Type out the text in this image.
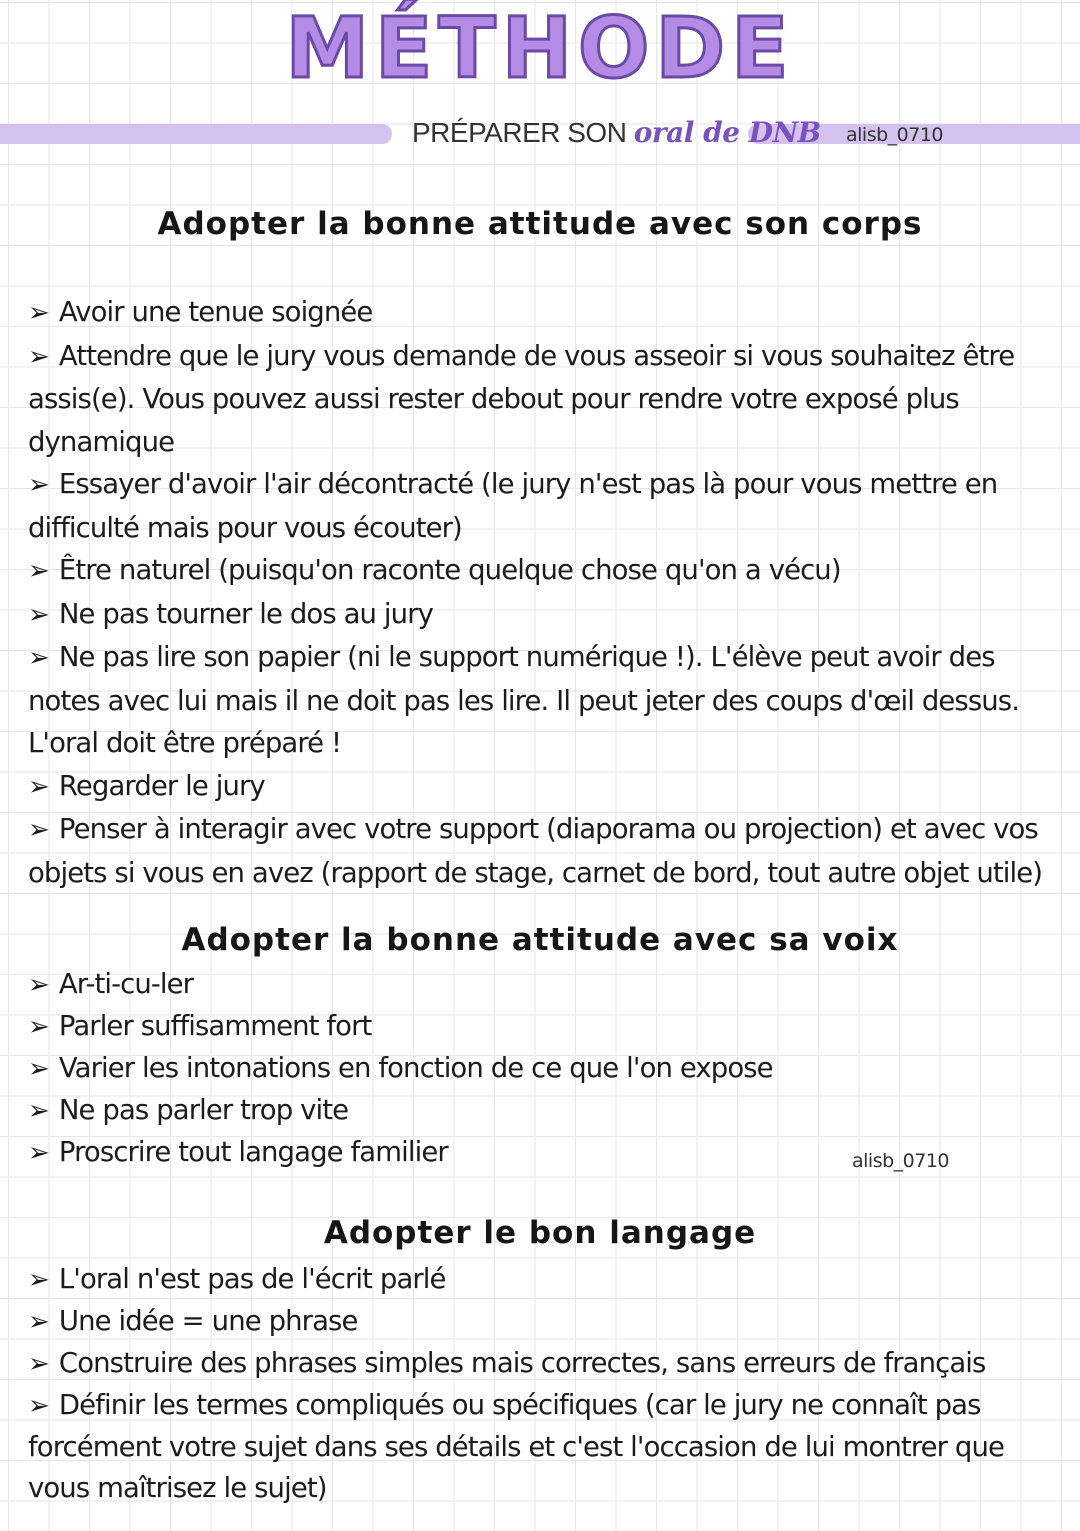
MÉTHODE
PRÉPARER SON oral de DNB alisb_0710
Adopter la bonne attitude avec son corps
➢ Avoir une tenue soignée
➢ Attendre que le jury vous demande de vous asseoir si vous souhaitez être assis(e). Vous pouvez aussi rester debout pour rendre votre exposé plus dynamique
➢ Essayer d'avoir l'air décontracté (le jury n'est pas là pour vous mettre en difficulté mais pour vous écouter)
➢ Être naturel (puisqu'on raconte quelque chose qu'on a vécu)
➢ Ne pas tourner le dos au jury
➢ Ne pas lire son papier (ni le support numérique !). L'élève peut avoir des notes avec lui mais il ne doit pas les lire. Il peut jeter des coups d'œil dessus. L'oral doit être préparé !
➢ Regarder le jury
➢ Penser à interagir avec votre support (diaporama ou projection) et avec vos objets si vous en avez (rapport de stage, carnet de bord, tout autre objet utile)
Adopter la bonne attitude avec sa voix
➢ Ar-ti-cu-ler
➢ Parler suffisamment fort
➢ Varier les intonations en fonction de ce que l'on expose
➢ Ne pas parler trop vite
➢ Proscrire tout langage familier	alisb_0710
Adopter le bon langage
➢ L'oral n'est pas de l'écrit parlé
➢ Une idée = une phrase
➢ Construire des phrases simples mais correctes, sans erreurs de français
➢ Définir les termes compliqués ou spécifiques (car le jury ne connaît pas forcément votre sujet dans ses détails et c'est l'occasion de lui montrer que vous maîtrisez le sujet)
